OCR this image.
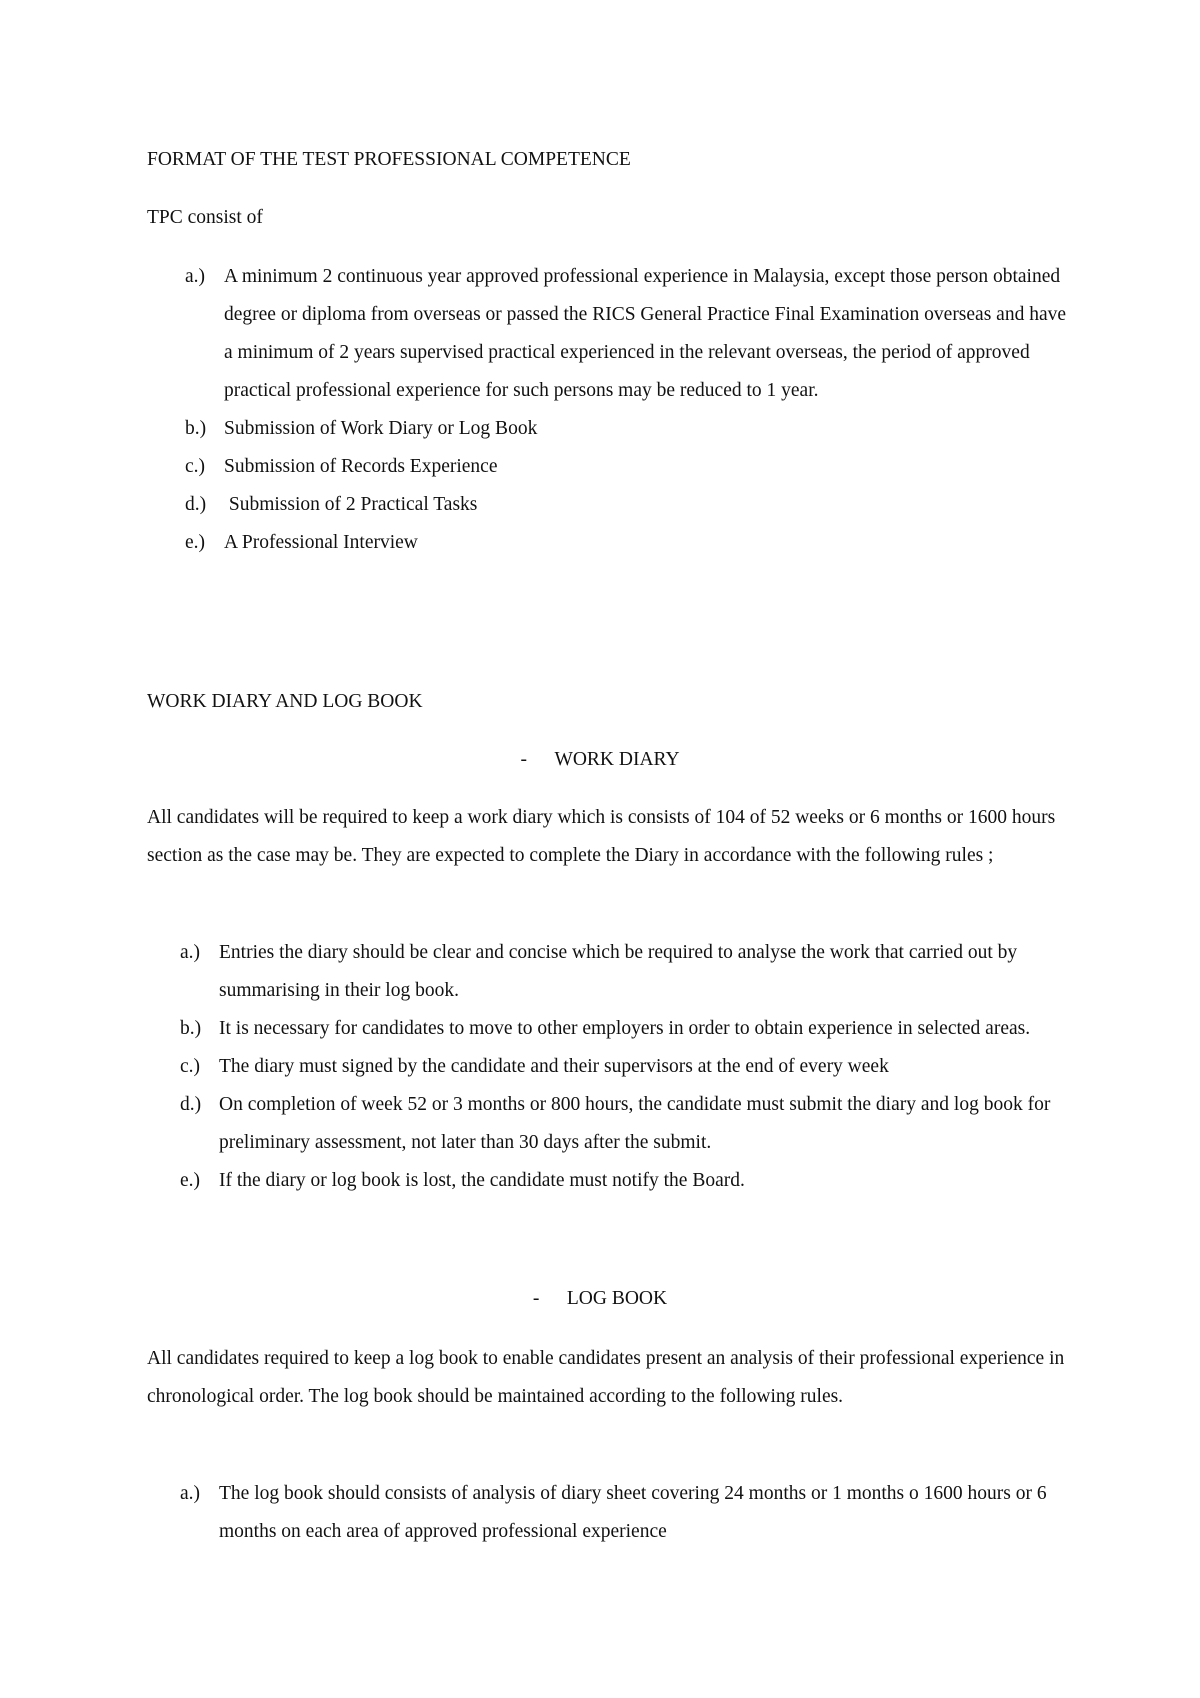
FORMAT OF THE TEST PROFESSIONAL COMPETENCE

TPC consist of

a.) A minimum 2 continuous year approved professional experience in Malaysia, except those person obtained degree or diploma from overseas or passed the RICS General Practice Final Examination overseas and have a minimum of 2 years supervised practical experienced in the relevant overseas, the period of approved practical professional experience for such persons may be reduced to 1 year.
b.) Submission of Work Diary or Log Book
c.) Submission of Records Experience
d.) Submission of 2 Practical Tasks
e.) A Professional Interview

WORK DIARY AND LOG BOOK

- WORK DIARY

All candidates will be required to keep a work diary which is consists of 104 of 52 weeks or 6 months or 1600 hours section as the case may be. They are expected to complete the Diary in accordance with the following rules ;

a.) Entries the diary should be clear and concise which be required to analyse the work that carried out by summarising in their log book.
b.) It is necessary for candidates to move to other employers in order to obtain experience in selected areas.
c.) The diary must signed by the candidate and their supervisors at the end of every week
d.) On completion of week 52 or 3 months or 800 hours, the candidate must submit the diary and log book for preliminary assessment, not later than 30 days after the submit.
e.) If the diary or log book is lost, the candidate must notify the Board.

- LOG BOOK

All candidates required to keep a log book to enable candidates present an analysis of their professional experience in chronological order. The log book should be maintained according to the following rules.

a.) The log book should consists of analysis of diary sheet covering 24 months or 1 months o 1600 hours or 6 months on each area of approved professional experience
